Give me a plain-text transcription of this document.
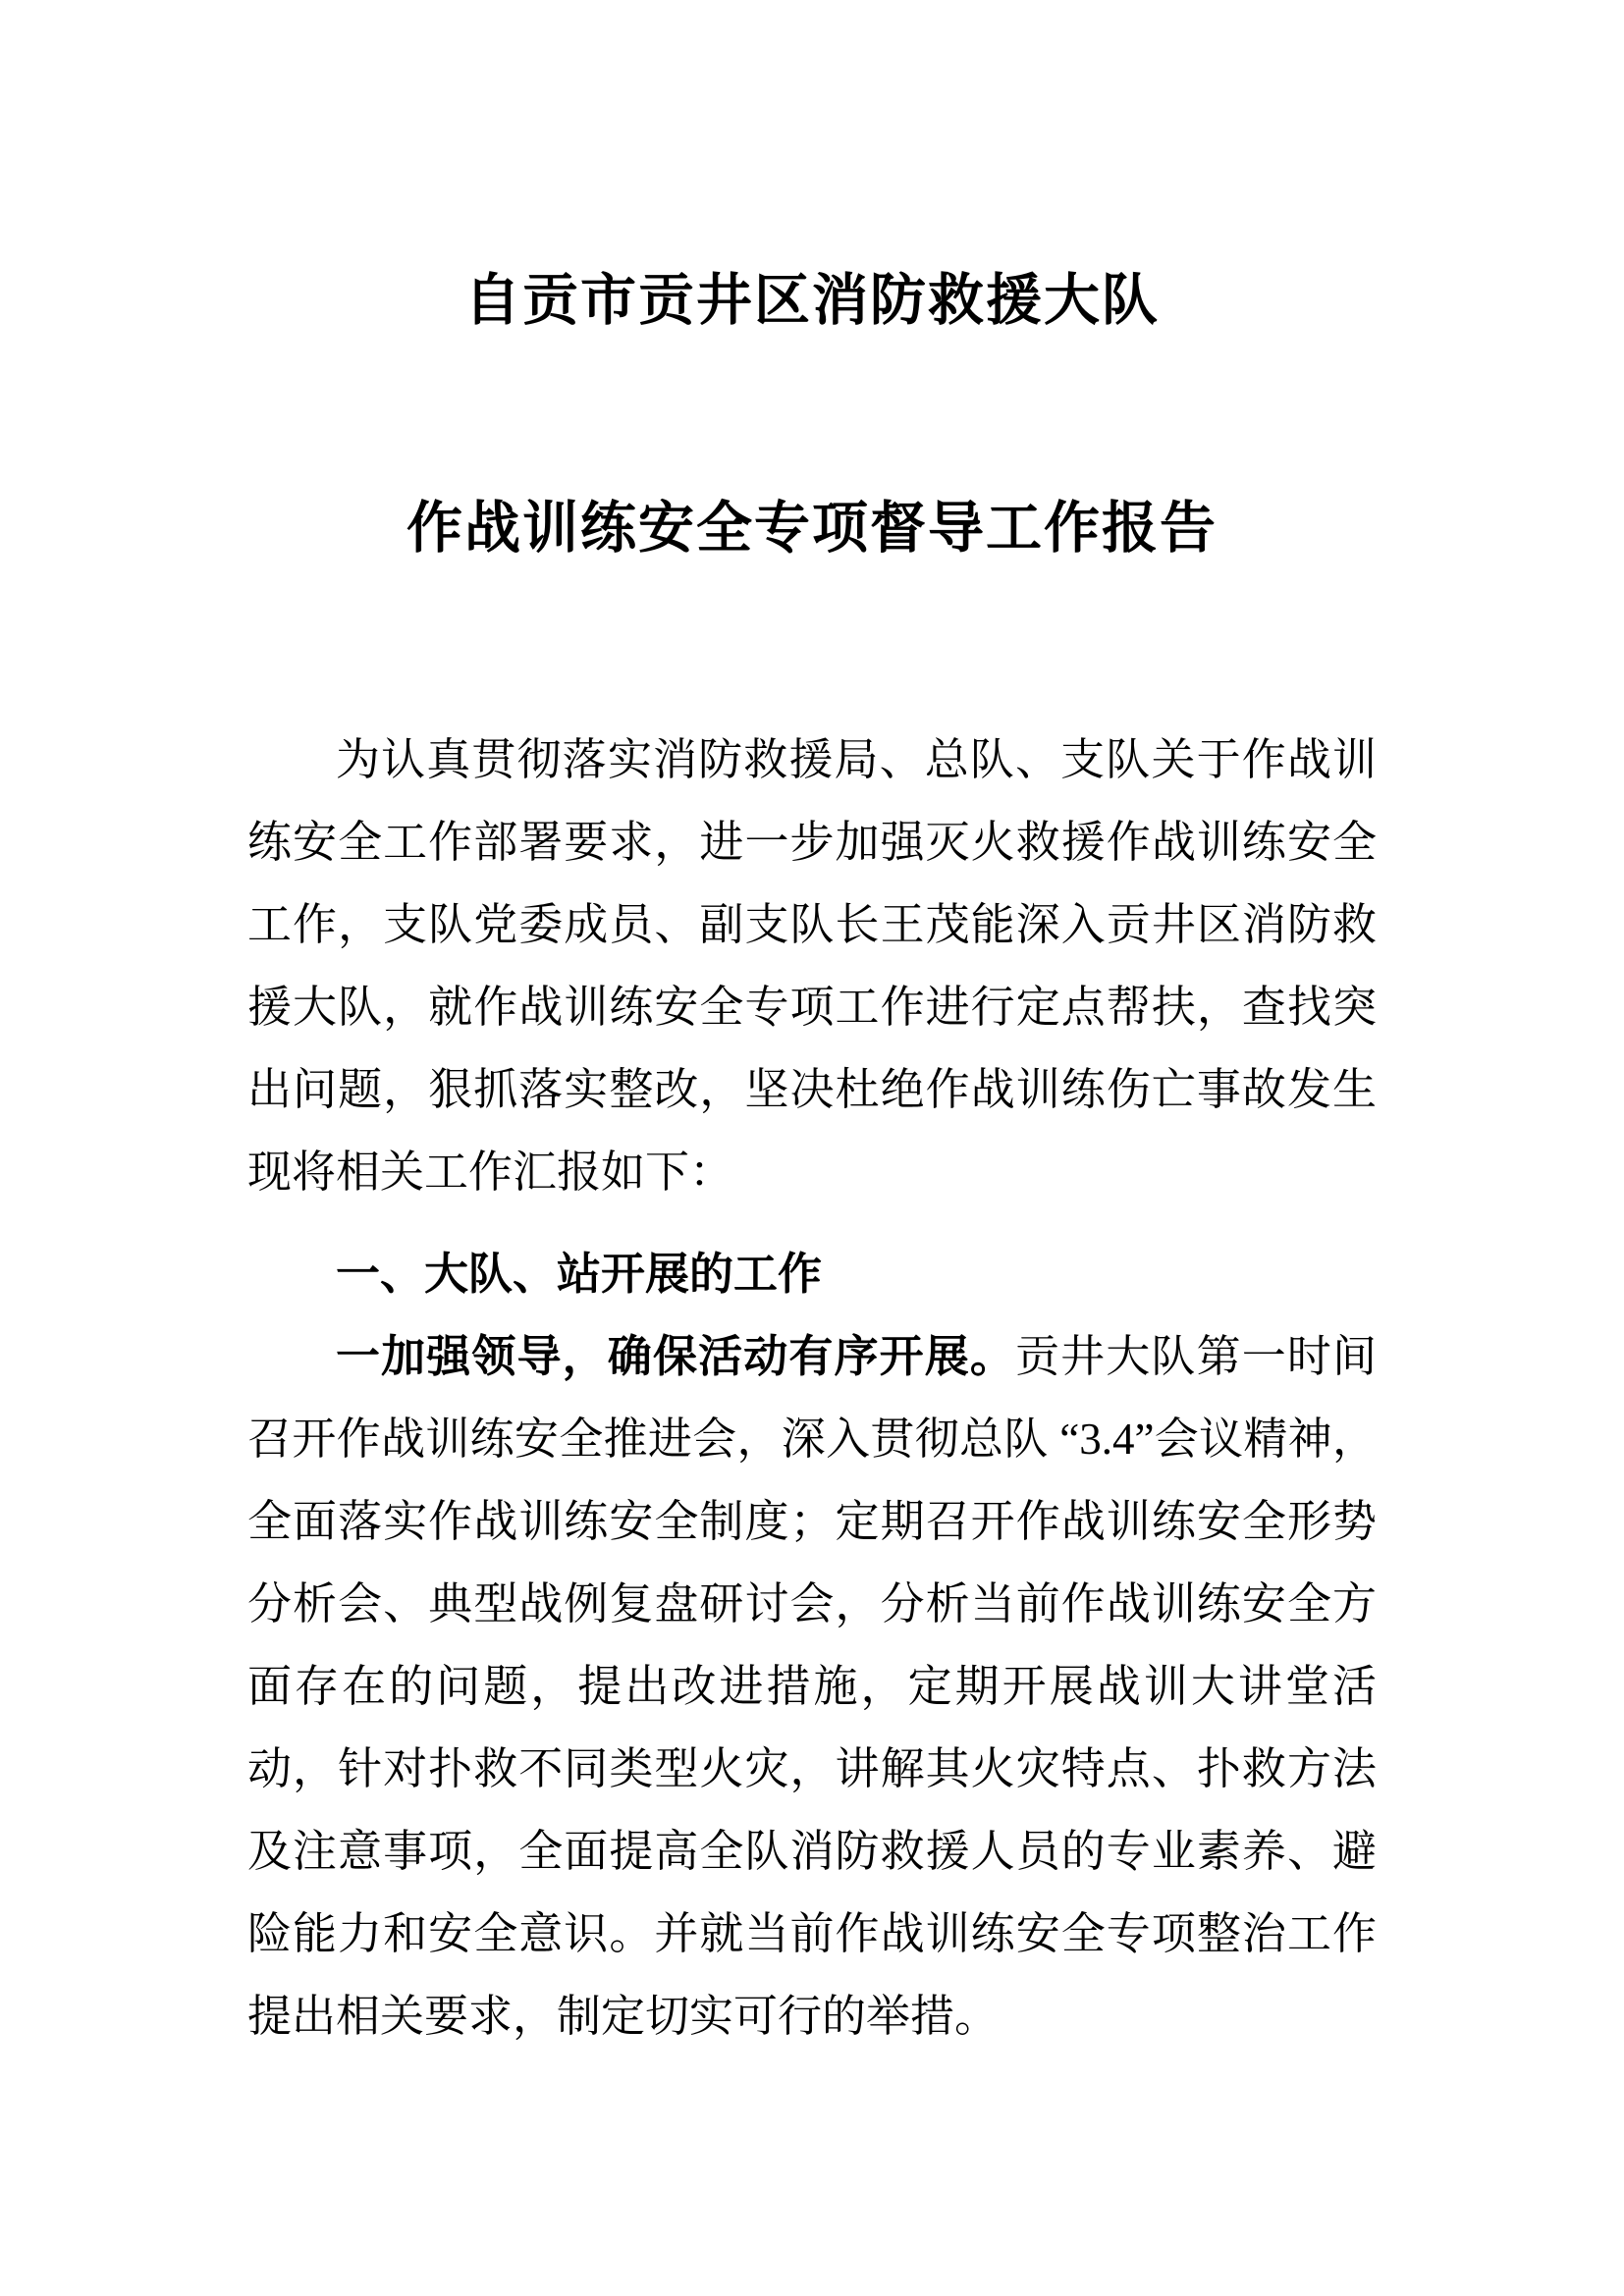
自贡市贡井区消防救援大队
作战训练安全专项督导工作报告
为认真贯彻落实消防救援局、总队、支队关于作战训
练安全工作部署要求，进一步加强灭火救援作战训练安全
工作，支队党委成员、副支队长王茂能深入贡井区消防救
援大队，就作战训练安全专项工作进行定点帮扶，查找突
出问题，狠抓落实整改，坚决杜绝作战训练伤亡事故发生
现将相关工作汇报如下：
一、大队、站开展的工作
一加强领导，确保活动有序开展。贡井大队第一时间
召开作战训练安全推进会，深入贯彻总队 “3.4”会议精神，
全面落实作战训练安全制度；定期召开作战训练安全形势
分析会、典型战例复盘研讨会，分析当前作战训练安全方
面存在的问题，提出改进措施，定期开展战训大讲堂活
动，针对扑救不同类型火灾，讲解其火灾特点、扑救方法
及注意事项，全面提高全队消防救援人员的专业素养、避
险能力和安全意识。并就当前作战训练安全专项整治工作
提出相关要求，制定切实可行的举措。
